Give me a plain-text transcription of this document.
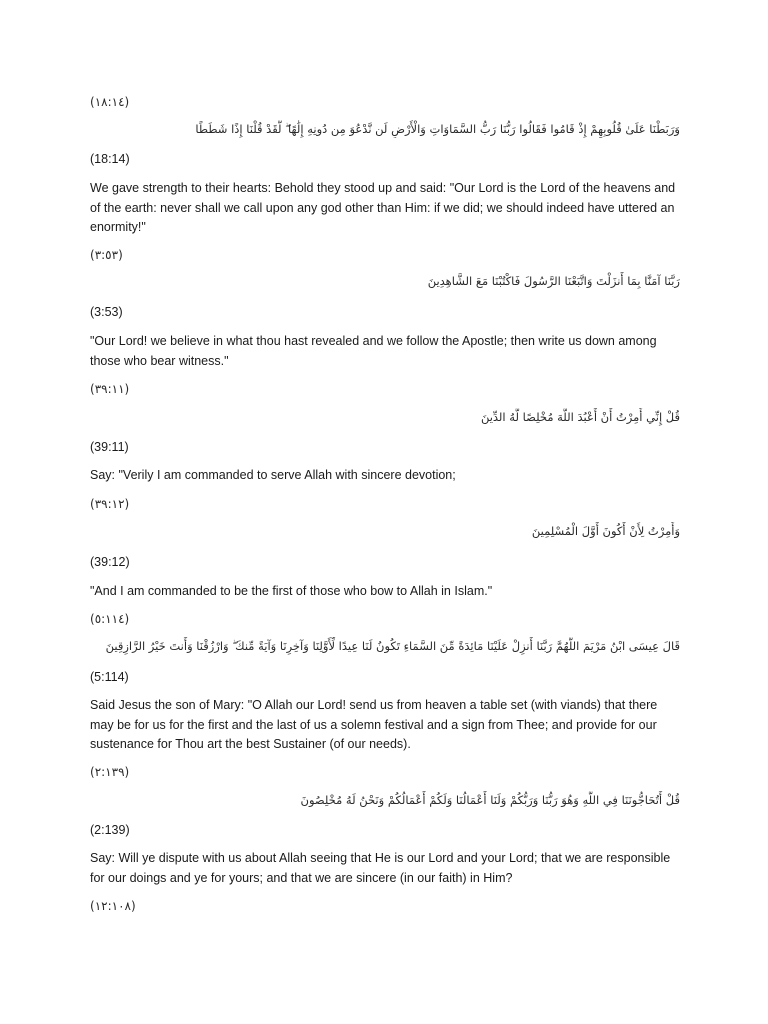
(١٨:١٤)
وَرَبَطْنَا عَلَىٰ قُلُوبِهِمْ إِذْ قَامُوا فَقَالُوا رَبُّنَا رَبُّ السَّمَاوَاتِ وَالْأَرْضِ لَن نَّدْعُوَ مِن دُونِهِ إِلَٰهًا ۖ لَّقَدْ قُلْنَا إِذًا شَطَطًا
(18:14)
We gave strength to their hearts: Behold they stood up and said: "Our Lord is the Lord of the heavens and of the earth: never shall we call upon any god other than Him: if we did; we should indeed have uttered an enormity!"
(٣:٥٣)
رَبَّنَا آمَنَّا بِمَا أَنزَلْتَ وَاتَّبَعْنَا الرَّسُولَ فَاكْتُبْنَا مَعَ الشَّاهِدِينَ
(3:53)
"Our Lord! we believe in what thou hast revealed and we follow the Apostle; then write us down among those who bear witness."
(٣٩:١١)
قُلْ إِنِّي أُمِرْتُ أَنْ أَعْبُدَ اللَّهَ مُخْلِصًا لَّهُ الدِّينَ
(39:11)
Say: "Verily I am commanded to serve Allah with sincere devotion;
(٣٩:١٢)
وَأُمِرْتُ لِأَنْ أَكُونَ أَوَّلَ الْمُسْلِمِينَ
(39:12)
"And I am commanded to be the first of those who bow to Allah in Islam."
(٥:١١٤)
قَالَ عِيسَى ابْنُ مَرْيَمَ اللَّهُمَّ رَبَّنَا أَنزِلْ عَلَيْنَا مَائِدَةً مِّنَ السَّمَاءِ تَكُونُ لَنَا عِيدًا لِّأَوَّلِنَا وَآخِرِنَا وَآيَةً مِّنكَ ۖ وَارْزُقْنَا وَأَنتَ خَيْرُ الرَّازِقِينَ
(5:114)
Said Jesus the son of Mary: "O Allah our Lord! send us from heaven a table set (with viands) that there may be for us for the first and the last of us a solemn festival and a sign from Thee; and provide for our sustenance for Thou art the best Sustainer (of our needs).
(٢:١٣٩)
قُلْ أَتُحَاجُّونَنَا فِي اللَّهِ وَهُوَ رَبُّنَا وَرَبُّكُمْ وَلَنَا أَعْمَالُنَا وَلَكُمْ أَعْمَالُكُمْ وَنَحْنُ لَهُ مُخْلِصُونَ
(2:139)
Say: Will ye dispute with us about Allah seeing that He is our Lord and your Lord; that we are responsible for our doings and ye for yours; and that we are sincere (in our faith) in Him?
(١٢:١٠٨)
